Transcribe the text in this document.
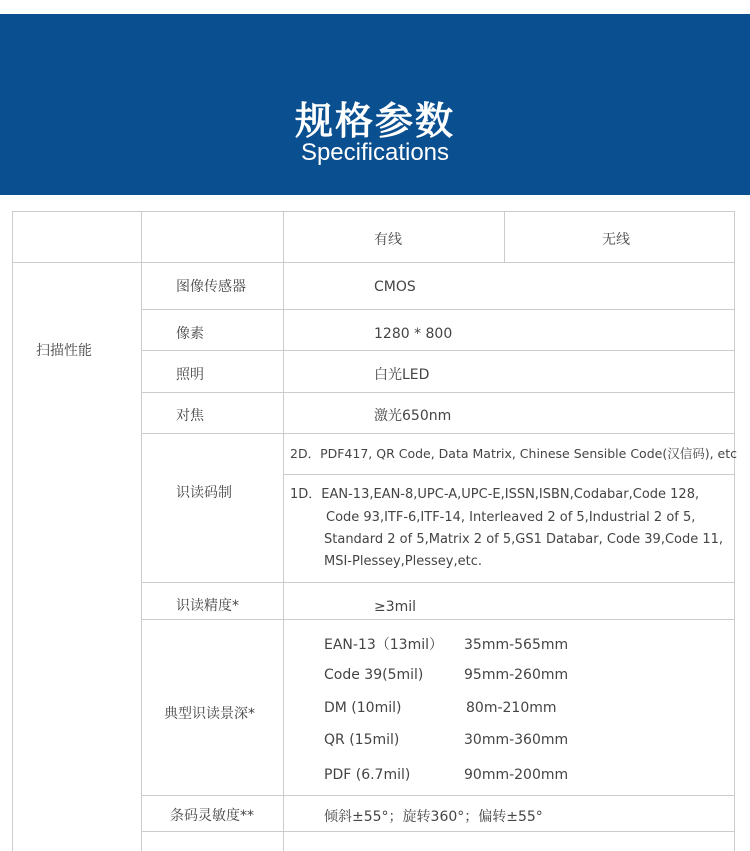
规格参数
Specifications
有线	无线
扫描性能
图像传感器	CMOS
像素	1280 * 800
照明	白光LED
对焦	激光650nm
识读码制
2D．PDF417, QR Code, Data Matrix, Chinese Sensible Code(汉信码), etc
1D．EAN-13,EAN-8,UPC-A,UPC-E,ISSN,ISBN,Codabar,Code 128,
Code 93,ITF-6,ITF-14, Interleaved 2 of 5,Industrial 2 of 5,
Standard 2 of 5,Matrix 2 of 5,GS1 Databar, Code 39,Code 11,
MSI-Plessey,Plessey,etc.
识读精度*	≥3mil
典型识读景深*
EAN-13（13mil） 35mm-565mm
Code 39(5mil)	95mm-260mm
DM (10mil)	80m-210mm
QR (15mil)	30mm-360mm
PDF (6.7mil)	90mm-200mm
条码灵敏度**	倾斜±55°；旋转360°；偏转±55°
